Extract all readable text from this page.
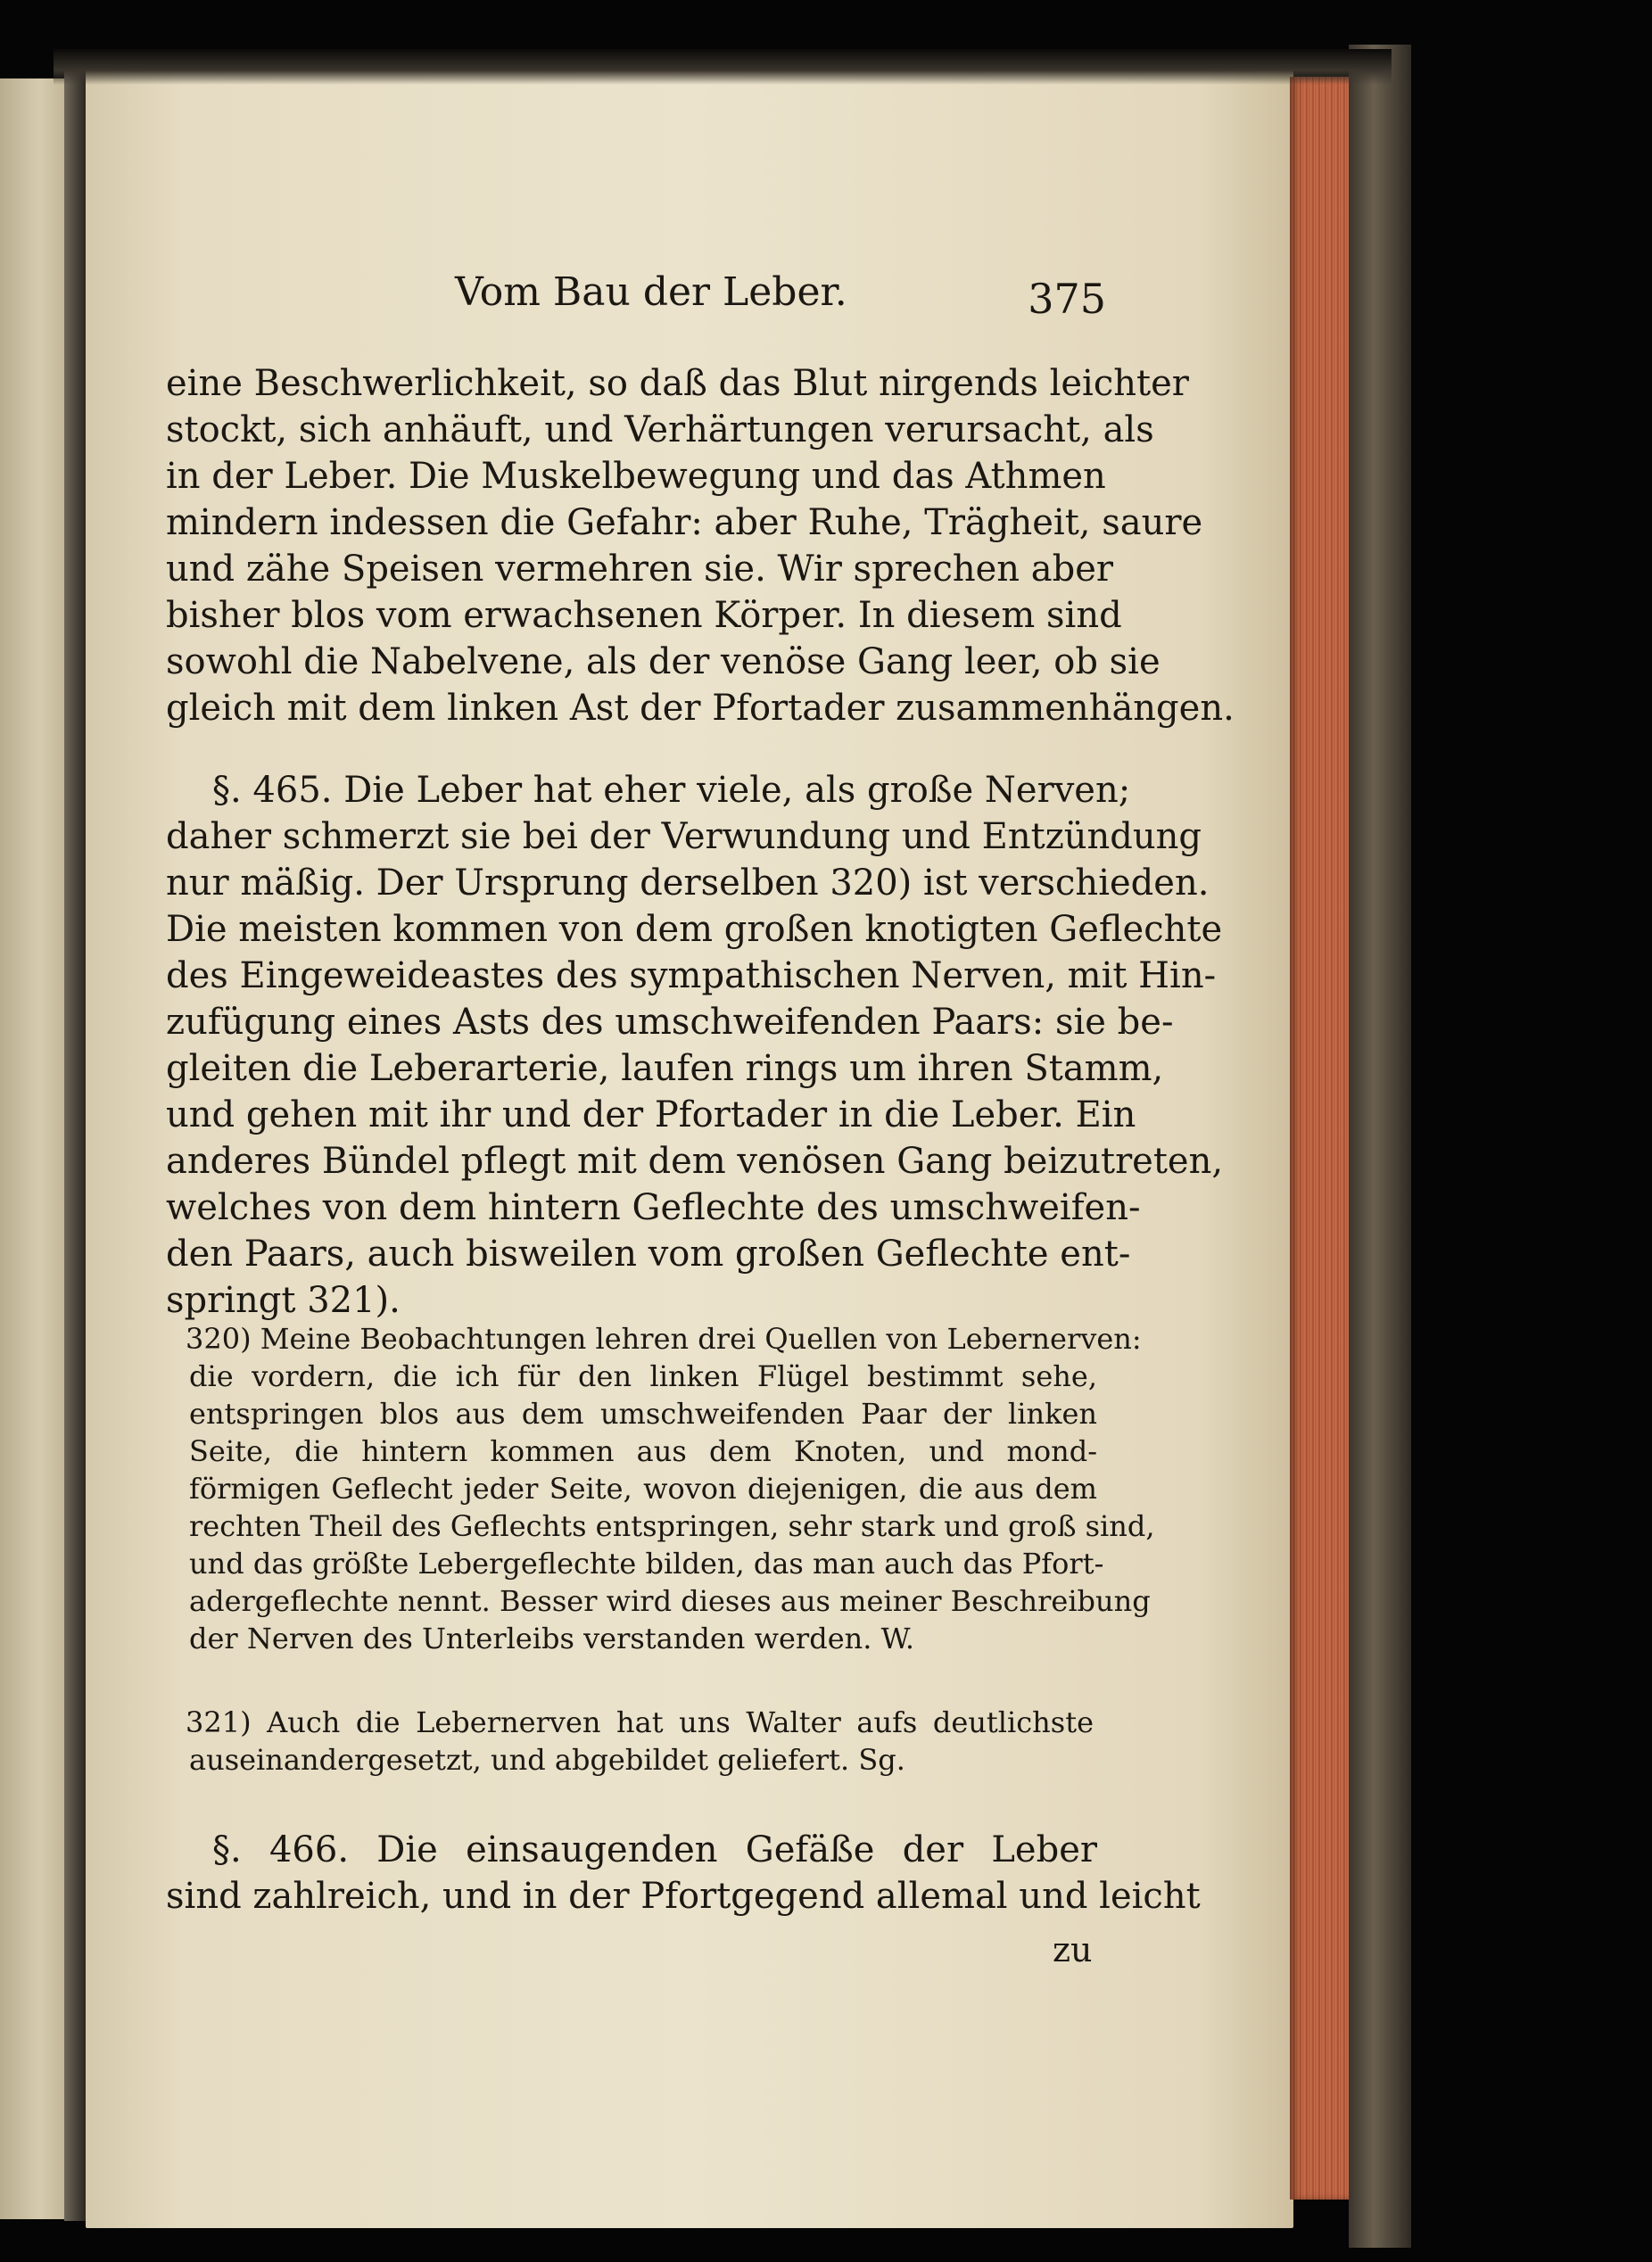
Vom Bau der Leber.	375
eine Beschwerlichkeit, so daß das Blut nirgends leichter
stockt, sich anhäuft, und Verhärtungen verursacht, als
in der Leber. Die Muskelbewegung und das Athmen
mindern indessen die Gefahr: aber Ruhe, Trägheit, saure
und zähe Speisen vermehren sie. Wir sprechen aber
bisher blos vom erwachsenen Körper. In diesem sind
sowohl die Nabelvene, als der venöse Gang leer, ob sie
gleich mit dem linken Ast der Pfortader zusammenhängen.
§. 465. Die Leber hat eher viele, als große Nerven;
daher schmerzt sie bei der Verwundung und Entzündung
nur mäßig. Der Ursprung derselben 320) ist verschieden.
Die meisten kommen von dem großen knotigten Geflechte
des Eingeweideastes des sympathischen Nerven, mit Hin-
zufügung eines Asts des umschweifenden Paars: sie be-
gleiten die Leberarterie, laufen rings um ihren Stamm,
und gehen mit ihr und der Pfortader in die Leber. Ein
anderes Bündel pflegt mit dem venösen Gang beizutreten,
welches von dem hintern Geflechte des umschweifen-
den Paars, auch bisweilen vom großen Geflechte ent-
springt 321).
320) Meine Beobachtungen lehren drei Quellen von Lebernerven:
die vordern, die ich für den linken Flügel bestimmt sehe,
entspringen blos aus dem umschweifenden Paar der linken
Seite, die hintern kommen aus dem Knoten, und mond-
förmigen Geflecht jeder Seite, wovon diejenigen, die aus dem
rechten Theil des Geflechts entspringen, sehr stark und groß sind,
und das größte Lebergeflechte bilden, das man auch das Pfort-
adergeflechte nennt. Besser wird dieses aus meiner Beschreibung
der Nerven des Unterleibs verstanden werden. W.
321) Auch die Lebernerven hat uns Walter aufs deutlichste
auseinandergesetzt, und abgebildet geliefert. Sg.
§. 466. Die einsaugenden Gefäße der Leber
sind zahlreich, und in der Pfortgegend allemal und leicht
zu
